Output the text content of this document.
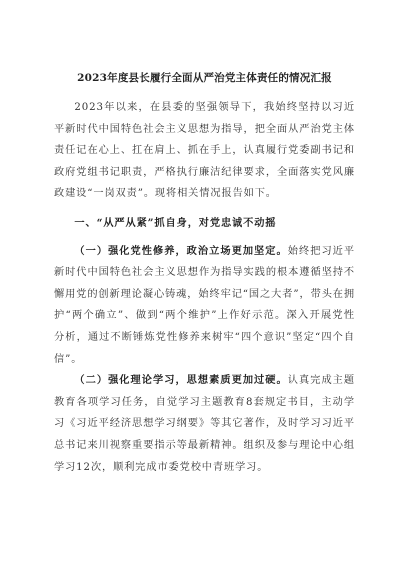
2023年度县长履行全面从严治党主体责任的情况汇报

2023年以来，在县委的坚强领导下，我始终坚持以习近平新时代中国特色社会主义思想为指导，把全面从严治党主体责任记在心上、扛在肩上、抓在手上，认真履行党委副书记和政府党组书记职责，严格执行廉洁纪律要求，全面落实党风廉政建设“一岗双责”。现将相关情况报告如下。

一、“从严从紧”抓自身，对党忠诚不动摇

（一）强化党性修养，政治立场更加坚定。始终把习近平新时代中国特色社会主义思想作为指导实践的根本遵循坚持不懈用党的创新理论凝心铸魂，始终牢记“国之大者”，带头在拥护“两个确立”、做到“两个维护”上作好示范。深入开展党性分析，通过不断锤炼党性修养来树牢“四个意识”坚定“四个自信”。

（二）强化理论学习，思想素质更加过硬。认真完成主题教育各项学习任务，自觉学习主题教育8套规定书目，主动学习《习近平经济思想学习纲要》等其它著作，及时学习习近平总书记来川视察重要指示等最新精神。组织及参与理论中心组学习12次，顺利完成市委党校中青班学习。
